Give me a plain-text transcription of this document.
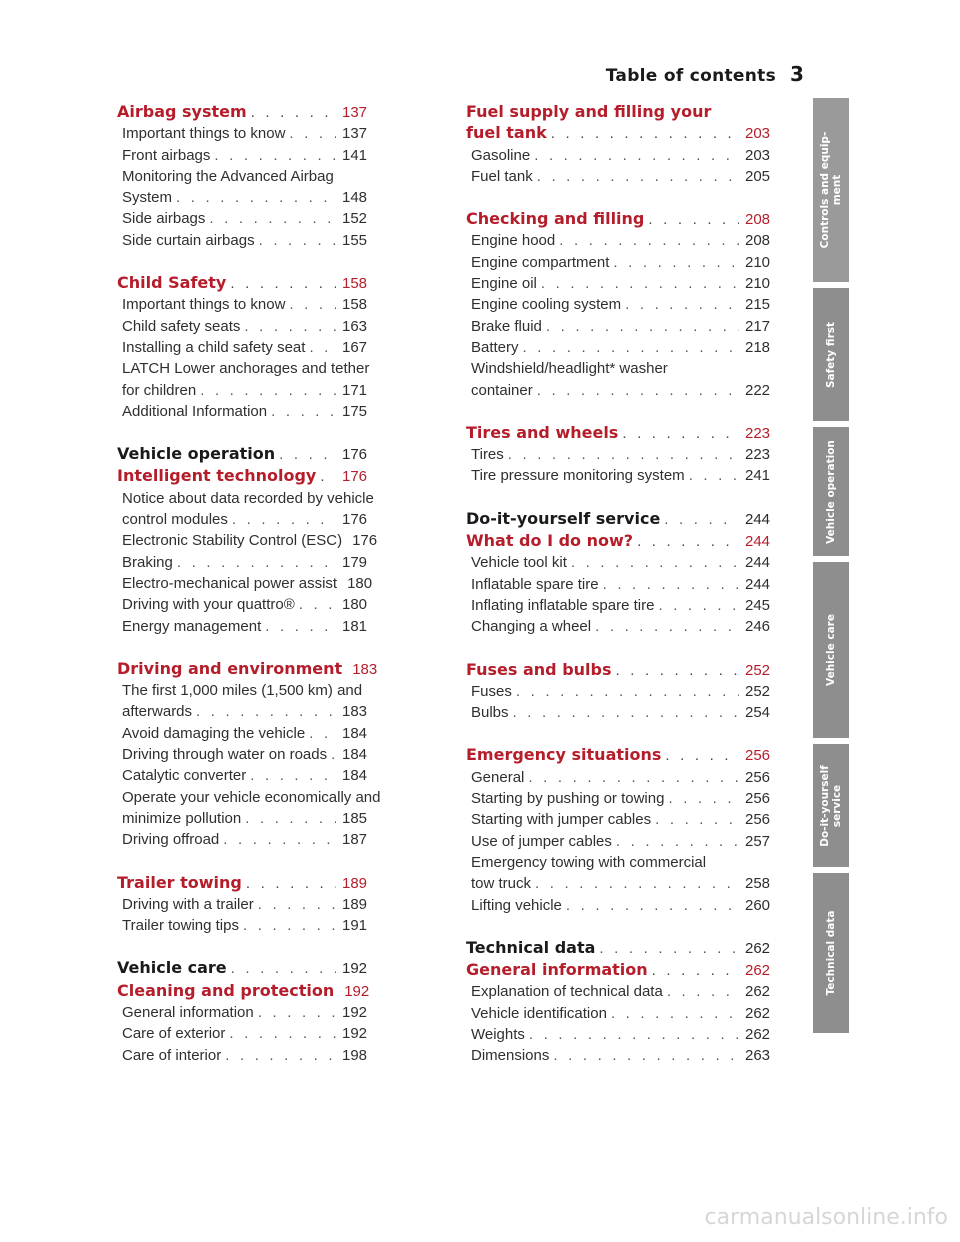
Table of contents 3
Airbag system . . .	137
Important things to know . . .	137
Front airbags . . .	141
Monitoring the Advanced Airbag
System . . .	148
Side airbags . . .	152
Side curtain airbags . . .	155
Child Safety . . .	158
Important things to know . . .	158
Child safety seats . . .	163
Installing a child safety seat . . . 167
LATCH Lower anchorages and tether
for children . . .	171
Additional Information . . .	175
Vehicle operation . . .	176
Intelligent technology . . . 176
Notice about data recorded by vehicle
control modules . . .	176
Electronic Stability Control (ESC) 176
Braking . . .	179
Electro-mechanical power assist 180
Driving with your quattro® . . .	180
Energy management . . .	181
Driving and environment 183
The first 1,000 miles (1,500 km) and
afterwards . . .	183
Avoid damaging the vehicle . . . 184
Driving through water on roads . . . 184
Catalytic converter . . .	184
Operate your vehicle economically and
minimize pollution . . .	185
Driving offroad . . .	187
Trailer towing . . .	189
Driving with a trailer . . .	189
Trailer towing tips . . .	191
Vehicle care . . .	192
Cleaning and protection 192
General information . . .	192
Care of exterior . . .	192
Care of interior . . .	198
Fuel supply and filling your
fuel tank . . .	203
Gasoline . . .	203
Fuel tank . . .	205
Checking and filling . . .	208
Engine hood . . .	208
Engine compartment . . .	210
Engine oil . . .	210
Engine cooling system . . .	215
Brake fluid . . .	217
Battery . . .	218
Windshield/headlight* washer
container . . .	222
Tires and wheels . . .	223
Tires . . .	223
Tire pressure monitoring system . . .	241
Do-it-yourself service . . .	244
What do I do now? . . .	244
Vehicle tool kit . . .	244
Inflatable spare tire . . .	244
Inflating inflatable spare tire . . .	245
Changing a wheel . . .	246
Fuses and bulbs . . .	252
Fuses . . .	252
Bulbs . . .	254
Emergency situations . . .	256
General . . .	256
Starting by pushing or towing . . .	256
Starting with jumper cables . . .	256
Use of jumper cables . . .	257
Emergency towing with commercial
tow truck . . .	258
Lifting vehicle . . .	260
Technical data . . .	262
General information . . .	262
Explanation of technical data . . .	262
Vehicle identification . . .	262
Weights . . .	262
Dimensions . . .	263
Controls and equip-
ment
Safety first
Vehicle operation
Vehicle care
Do-it-yourself
service
Technical data
carmanualsonline.info
